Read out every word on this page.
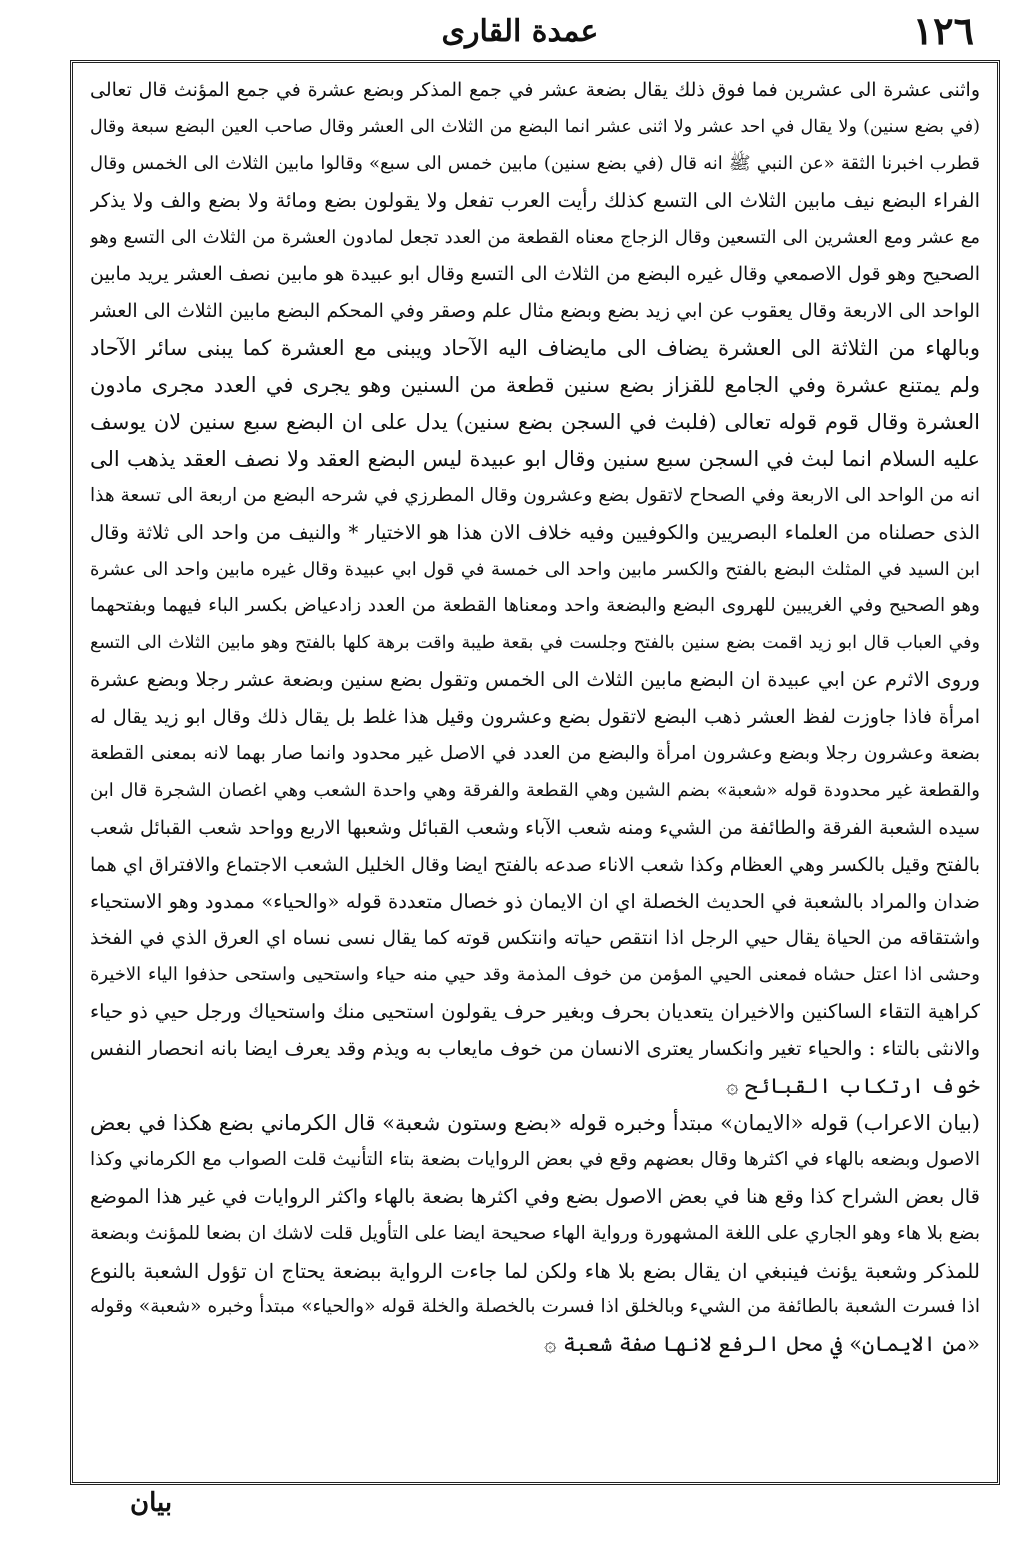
١٢٦
عمدة القارى
واثنى عشرة الى عشرين فما فوق ذلك يقال بضعة عشر في جمع المذكر وبضع عشرة في جمع المؤنث قال تعالى
(في بضع سنين) ولا يقال في احد عشر ولا اثنى عشر انما البضع من الثلاث الى العشر وقال صاحب العين البضع سبعة وقال
قطرب اخبرنا الثقة «عن النبي ﷺ انه قال (في بضع سنين) مابين خمس الى سبع» وقالوا مابين الثلاث الى الخمس وقال
الفراء البضع نيف مابين الثلاث الى التسع كذلك رأيت العرب تفعل ولا يقولون بضع ومائة ولا بضع والف ولا يذكر
مع عشر ومع العشرين الى التسعين وقال الزجاج معناه القطعة من العدد تجعل لمادون العشرة من الثلاث الى التسع وهو
الصحيح وهو قول الاصمعي وقال غيره البضع من الثلاث الى التسع وقال ابو عبيدة هو مابين نصف العشر يريد مابين
الواحد الى الاربعة وقال يعقوب عن ابي زيد بضع وبضع مثال علم وصقر وفي المحكم البضع مابين الثلاث الى العشر
وبالهاء من الثلاثة الى العشرة يضاف الى مايضاف اليه الآحاد ويبنى مع العشرة كما يبنى سائر الآحاد
ولم يمتنع عشرة وفي الجامع للقزاز بضع سنين قطعة من السنين وهو يجرى في العدد مجرى مادون
العشرة وقال قوم قوله تعالى (فلبث في السجن بضع سنين) يدل على ان البضع سبع سنين لان يوسف
عليه السلام انما لبث في السجن سبع سنين وقال ابو عبيدة ليس البضع العقد ولا نصف العقد يذهب الى
انه من الواحد الى الاربعة وفي الصحاح لاتقول بضع وعشرون وقال المطرزي في شرحه البضع من اربعة الى تسعة هذا
الذى حصلناه من العلماء البصريين والكوفيين وفيه خلاف الان هذا هو الاختيار * والنيف من واحد الى ثلاثة وقال
ابن السيد في المثلث البضع بالفتح والكسر مابين واحد الى خمسة في قول ابي عبيدة وقال غيره مابين واحد الى عشرة
وهو الصحيح وفي الغريبين للهروى البضع والبضعة واحد ومعناها القطعة من العدد زادعياض بكسر الباء فيهما وبفتحهما
وفي العباب قال ابو زيد اقمت بضع سنين بالفتح وجلست في بقعة طيبة واقت برهة كلها بالفتح وهو مابين الثلاث الى التسع
وروى الاثرم عن ابي عبيدة ان البضع مابين الثلاث الى الخمس وتقول بضع سنين وبضعة عشر رجلا وبضع عشرة
امرأة فاذا جاوزت لفظ العشر ذهب البضع لاتقول بضع وعشرون وقيل هذا غلط بل يقال ذلك وقال ابو زيد يقال له
بضعة وعشرون رجلا وبضع وعشرون امرأة والبضع من العدد في الاصل غير محدود وانما صار بهما لانه بمعنى القطعة
والقطعة غير محدودة قوله «شعبة» بضم الشين وهي القطعة والفرقة وهي واحدة الشعب وهي اغصان الشجرة قال ابن
سيده الشعبة الفرقة والطائفة من الشيء ومنه شعب الآباء وشعب القبائل وشعبها الاربع وواحد شعب القبائل شعب
بالفتح وقيل بالكسر وهي العظام وكذا شعب الاناء صدعه بالفتح ايضا وقال الخليل الشعب الاجتماع والافتراق اي هما
ضدان والمراد بالشعبة في الحديث الخصلة اي ان الايمان ذو خصال متعددة قوله «والحياء» ممدود وهو الاستحياء
واشتقاقه من الحياة يقال حيي الرجل اذا انتقص حياته وانتكس قوته كما يقال نسى نساه اي العرق الذي في الفخذ
وحشى اذا اعتل حشاه فمعنى الحيي المؤمن من خوف المذمة وقد حيي منه حياء واستحيى واستحى حذفوا الياء الاخيرة
كراهية التقاء الساكنين والاخيران يتعديان بحرف وبغير حرف يقولون استحيى منك واستحياك ورجل حيي ذو حياء
والانثى بالتاء : والحياء تغير وانكسار يعترى الانسان من خوف مايعاب به ويذم وقد يعرف ايضا بانه انحصار النفس
خوف ارتكاب القبائح ۞
(بيان الاعراب) قوله «الايمان» مبتدأ وخبره قوله «بضع وستون شعبة» قال الكرماني بضع هكذا في بعض
الاصول وبضعه بالهاء في اكثرها وقال بعضهم وقع في بعض الروايات بضعة بتاء التأنيث قلت الصواب مع الكرماني وكذا
قال بعض الشراح كذا وقع هنا في بعض الاصول بضع وفي اكثرها بضعة بالهاء واكثر الروايات في غير هذا الموضع
بضع بلا هاء وهو الجاري على اللغة المشهورة ورواية الهاء صحيحة ايضا على التأويل قلت لاشك ان بضعا للمؤنث وبضعة
للمذكر وشعبة يؤنث فينبغي ان يقال بضع بلا هاء ولكن لما جاءت الرواية ببضعة يحتاج ان تؤول الشعبة بالنوع
اذا فسرت الشعبة بالطائفة من الشيء وبالخلق اذا فسرت بالخصلة والخلة قوله «والحياء» مبتدأ وخبره «شعبة» وقوله
«من الايمان» في محل الرفع لانها صفة شعبة ۞
بيان
